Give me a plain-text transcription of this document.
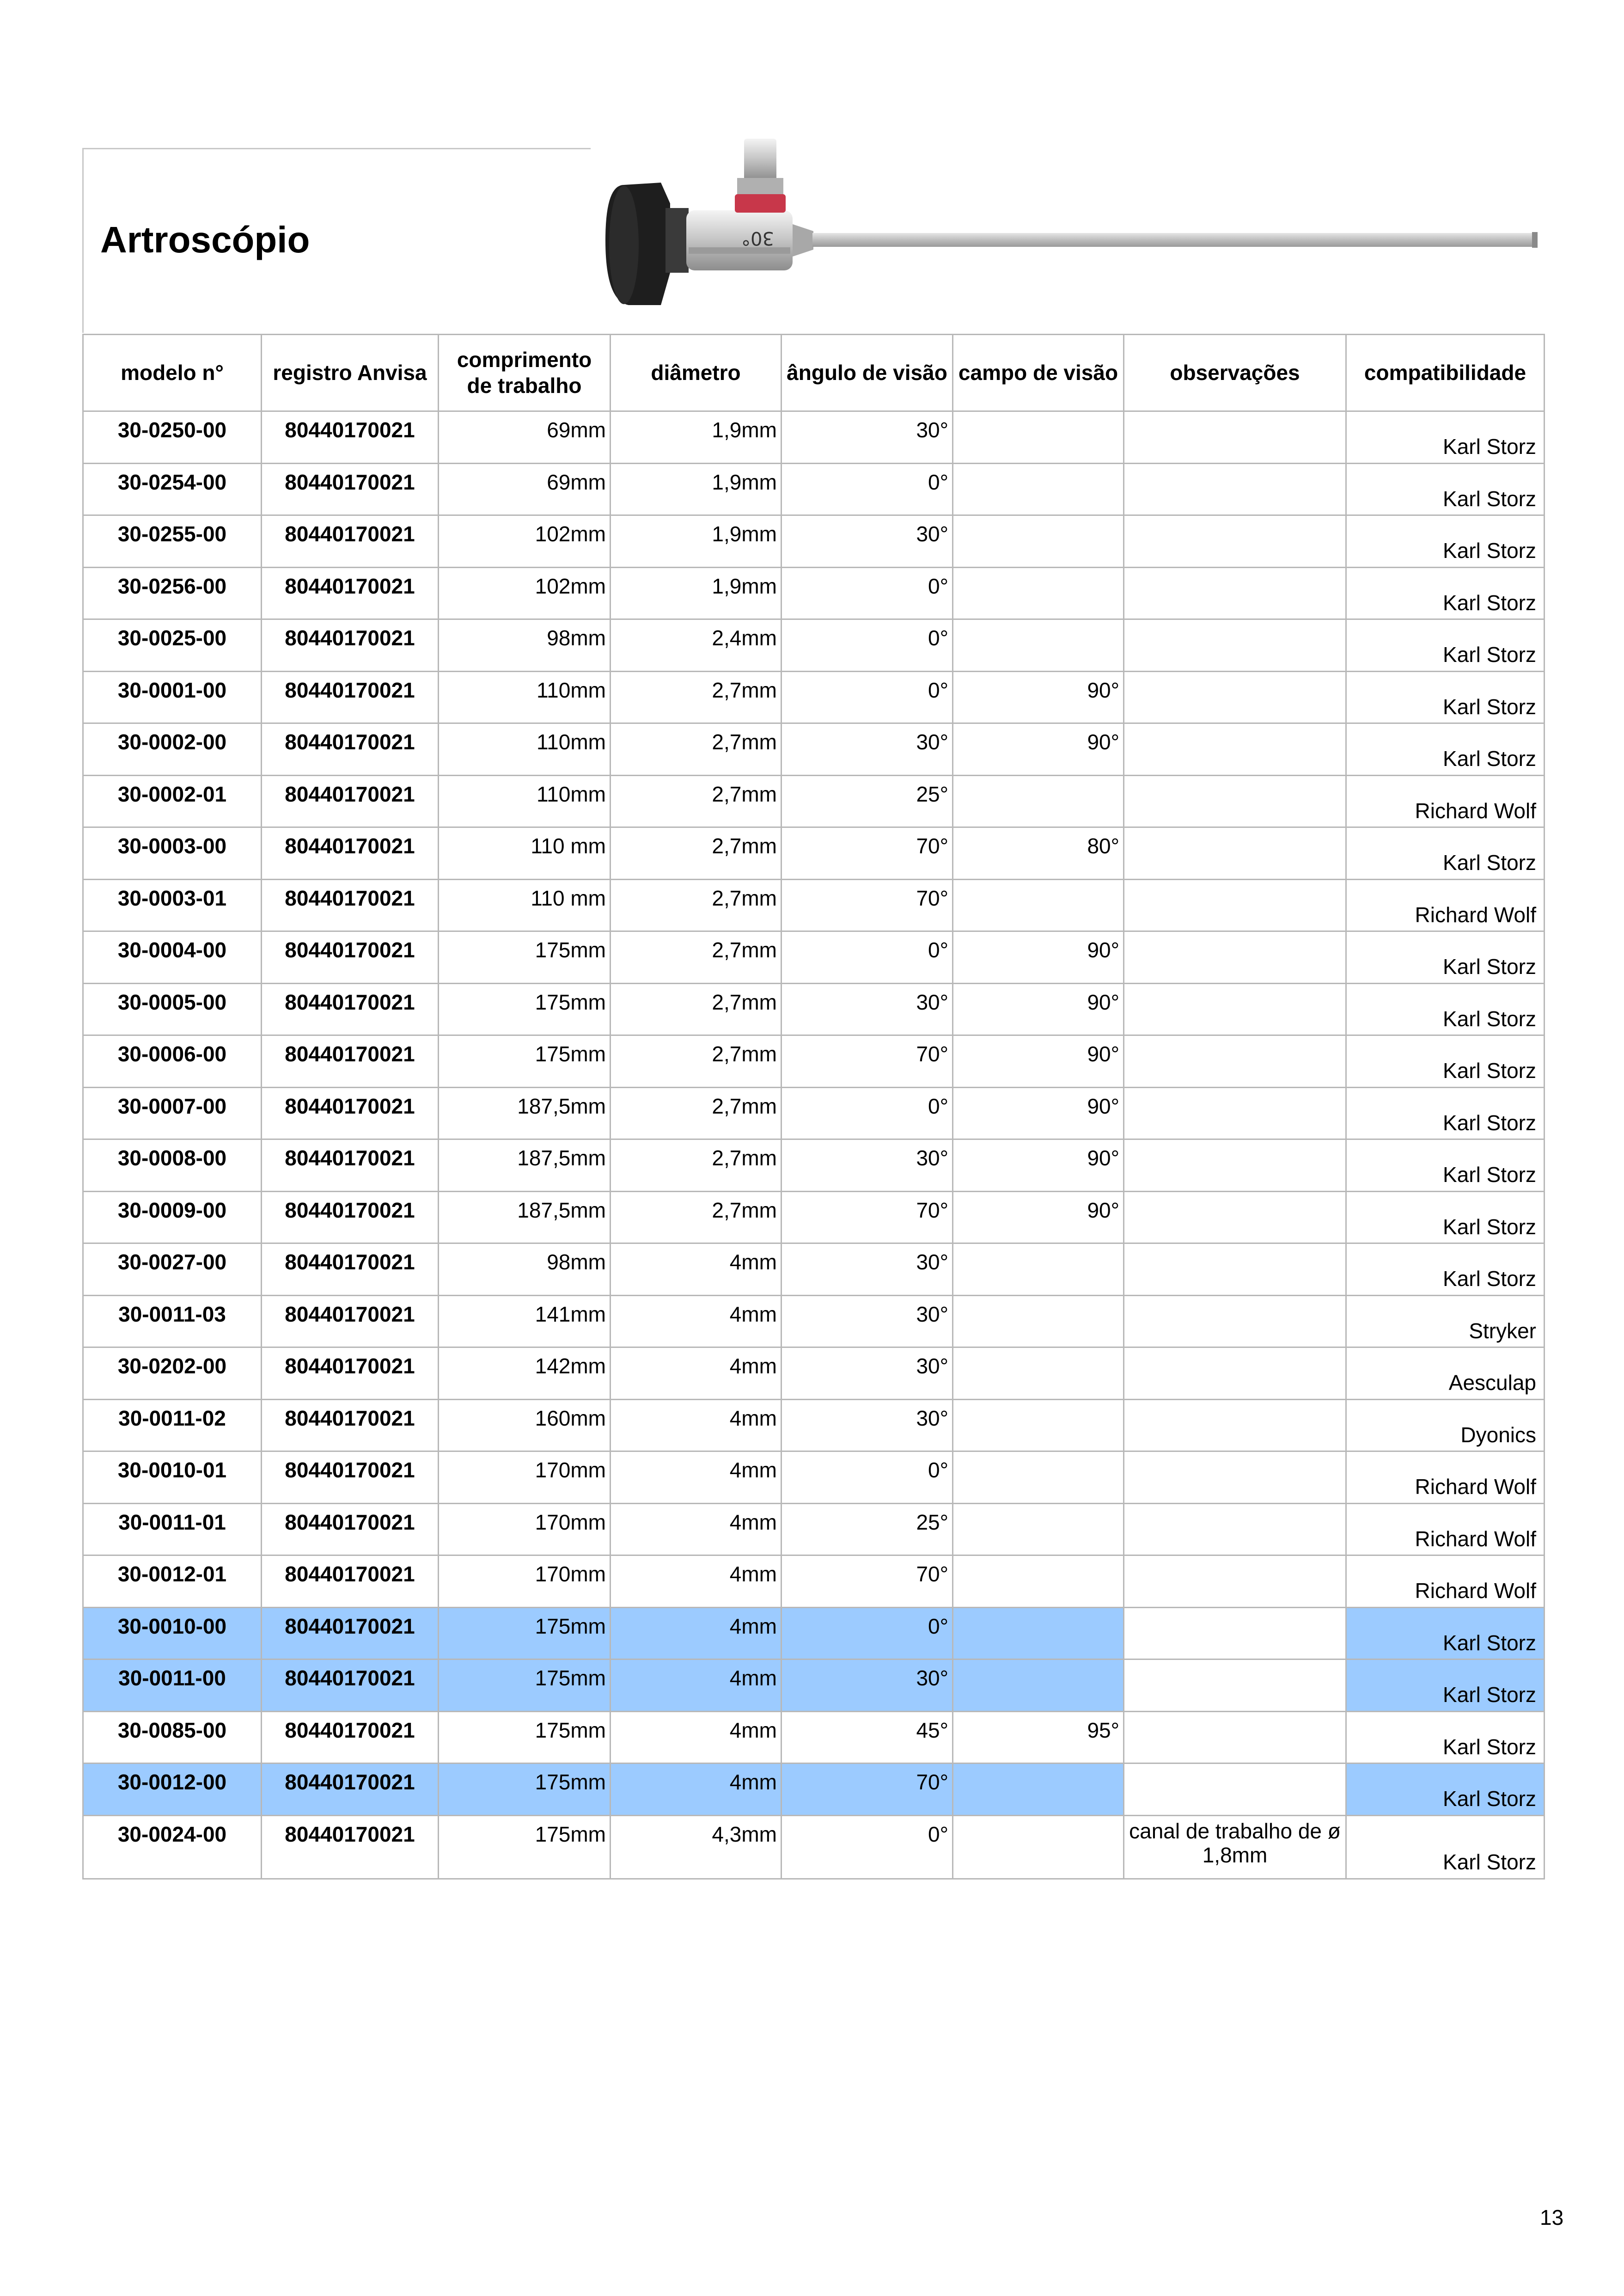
Artroscópio	30°
modelo n°	registro Anvisa	comprimento de trabalho	diâmetro	ângulo de visão	campo de visão	observações	compatibilidade
30-0250-00	80440170021	69mm	1,9mm	30°			Karl Storz
30-0254-00	80440170021	69mm	1,9mm	0°			Karl Storz
30-0255-00	80440170021	102mm	1,9mm	30°			Karl Storz
30-0256-00	80440170021	102mm	1,9mm	0°			Karl Storz
30-0025-00	80440170021	98mm	2,4mm	0°			Karl Storz
30-0001-00	80440170021	110mm	2,7mm	0°	90°		Karl Storz
30-0002-00	80440170021	110mm	2,7mm	30°	90°		Karl Storz
30-0002-01	80440170021	110mm	2,7mm	25°			Richard Wolf
30-0003-00	80440170021	110 mm	2,7mm	70°	80°		Karl Storz
30-0003-01	80440170021	110 mm	2,7mm	70°			Richard Wolf
30-0004-00	80440170021	175mm	2,7mm	0°	90°		Karl Storz
30-0005-00	80440170021	175mm	2,7mm	30°	90°		Karl Storz
30-0006-00	80440170021	175mm	2,7mm	70°	90°		Karl Storz
30-0007-00	80440170021	187,5mm	2,7mm	0°	90°		Karl Storz
30-0008-00	80440170021	187,5mm	2,7mm	30°	90°		Karl Storz
30-0009-00	80440170021	187,5mm	2,7mm	70°	90°		Karl Storz
30-0027-00	80440170021	98mm	4mm	30°			Karl Storz
30-0011-03	80440170021	141mm	4mm	30°			Stryker
30-0202-00	80440170021	142mm	4mm	30°			Aesculap
30-0011-02	80440170021	160mm	4mm	30°			Dyonics
30-0010-01	80440170021	170mm	4mm	0°			Richard Wolf
30-0011-01	80440170021	170mm	4mm	25°			Richard Wolf
30-0012-01	80440170021	170mm	4mm	70°			Richard Wolf
30-0010-00	80440170021	175mm	4mm	0°			Karl Storz
30-0011-00	80440170021	175mm	4mm	30°			Karl Storz
30-0085-00	80440170021	175mm	4mm	45°	95°		Karl Storz
30-0012-00	80440170021	175mm	4mm	70°			Karl Storz
30-0024-00	80440170021	175mm	4,3mm	0°		canal de trabalho de ø 1,8mm	Karl Storz
13
